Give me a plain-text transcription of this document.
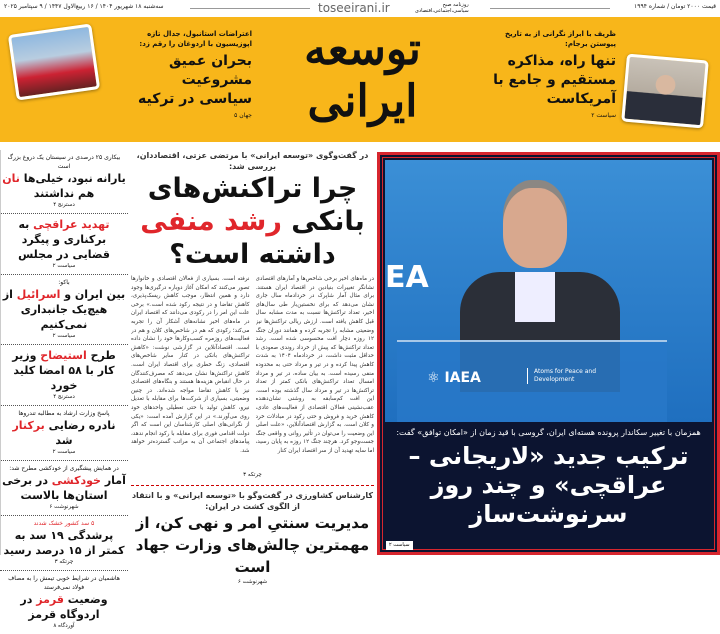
سه‌شنبه ۱۸ شهریور ۱۴۰۴ / ۱۶ ربیع‌الاول ۱۴۴۷ / ۹ سپتامبر ۲۰۲۵	قیمت ۲۰۰۰ تومان / شماره ۱۹۹۴
toseeirani.ir	روزنامه صبح
سیاسی،اجتماعی،اقتصادی
اعتراضات استانبول، جدال تازه اپوزیسیون با اردوغان را رقم زد:
بحران عمیق مشروعیت سیاسی در ترکیه
جهان ۵
ظریف با ابراز نگرانی از به تاریخ پیوستن برجام:
تنها راه، مذاکره مستقیم و جامع با آمریکاست
سیاست ۲
توسعه ایرانی
بیکاری ۲۵ درصدی در سیستان یک دروغ بزرگ است
یارانه نبود، خیلی‌ها نان هم نداشتند
دسترنج ۴
تهدید عراقچی به برکناری و پیگرد قضایی در مجلس
سیاست ۲
باکو:
بین ایران و اسرائیل از هیچ‌یک جانبداری نمی‌کنیم
سیاست ۲
طرح استیضاح وزیر کار با ۵۸ امضا کلید خورد
دسترنج ۴
پاسخ وزارت ارشاد به مطالبه تندروها
نادره رضایی برکنار شد
سیاست ۲
در همایش پیشگیری از خودکشی مطرح شد:
آمار خودکشی در برخی استان‌ها بالاست
شهرنوشت ۶
۵ سد کشور خشک شدند
پرشدگی ۱۹ سد به کمتر از ۱۵ درصد رسید
چرتکه ۳
هاشمیان در شرایط خوبی تیمش را به مصاف فولاد نمی‌فرستد
وضعیت قرمز در اردوگاه قرمز
آوردگاه ۸
در گفت‌وگوی «توسعه ایرانی» با مرتضی عزتی، اقتصاددان، بررسی شد:
چرا تراکنش‌های بانکی رشد منفی داشته است؟

در ماه‌های اخیر برخی شاخص‌ها و آمارهای اقتصادی نشانگر تغییرات بنیادین در اقتصاد ایران هستند. برای مثال آمار شاپرک در خردادماه سال جاری نشان می‌دهد که برای نخستین‌بار طی سال‌های اخیر، تعداد تراکنش‌ها نسبت به مدت مشابه سال قبل کاهش یافته است. ارزش ریالی تراکنش‌ها نیز وضعیتی مشابه را تجربه کرده و همانند دوران جنگ ۱۲ روزه دچار افت محسوسی شده است. رشد تعداد تراکنش‌ها که پیش از خرداد روندی صعودی با حداقل مثبت داشت، در خردادماه ۱۴۰۴ به شدت کاهش پیدا کرده و در تیر و مرداد حتی به محدوده منفی رسیده است. به بیان ساده، در تیر و مرداد امسال تعداد تراکنش‌های بانکی کمتر از تعداد تراکنش‌ها در تیر و مرداد سال گذشته بوده است. این افت کم‌سابقه به روشنی نشان‌دهنده عقب‌نشینی فعالان اقتصادی از فعالیت‌های عادی، کاهش خرید و فروش و حتی رکود در مبادلات خرد و کلان است. به گزارش اقتصادآنلاین، «علت اصلی این وضعیت را می‌توان در تأثیر روانی و واقعی جنگ جست‌وجو کرد. هرچند جنگ ۱۲ روزه به پایان رسید، اما سایه تهدید آن از سر اقتصاد ایران کنار

نرفته است. بسیاری از فعالان اقتصادی و خانوارها تصور می‌کنند که امکان آغاز دوباره درگیری‌ها وجود دارد و همین انتظار، موجب کاهش ریسک‌پذیری، کاهش تقاضا و در نتیجه رکود شده است.» برخی علت این امر را در رکودی می‌دانند که اقتصاد ایران در ماه‌های اخیر نشانه‌های آشکار آن را تجربه می‌کند؛ رکودی که هم در شاخص‌های کلان و هم در فعالیت‌های روزمره کسب‌وکارها خود را نشان داده است. اقتصادآنلاین در گزارشی نوشت: «کاهش تراکنش‌های بانکی در کنار سایر شاخص‌های اقتصادی، زنگ خطری برای اقتصاد ایران است. کاهش تراکنش‌ها نشان می‌دهد که مصرف‌کنندگان در حال انقباض هزینه‌ها هستند و بنگاه‌های اقتصادی نیز با کاهش تقاضا مواجه شده‌اند. در چنین وضعیتی، بسیاری از شرکت‌ها برای مقابله با تعدیل نیرو، کاهش تولید یا حتی تعطیلی واحدهای خود روی می‌آورند.» در این گزارش آمده است: «یکی از نگرانی‌های اصلی کارشناسان این است که اگر دولت اقدامی فوری برای مقابله با رکود انجام ندهد، پیامدهای اجتماعی آن به مراتب گسترده‌تر خواهد شد.

چرتکه ۳
کارشناس کشاورزی در گفت‌وگو با «توسعه ایرانی» و با انتقاد از الگوی کشت در ایران:
مدیریت سنتیِ امر و نهی کن، از مهمترین چالش‌های وزارت جهاد است
شهرنوشت ۶
EA
⚛ IAEA	Atoms for Peace and Development
همزمان با تغییر سکاندار پرونده هسته‌ای ایران، گروسی با قید زمان از «امکان توافق» گفت:
ترکیب جدید «لاریجانی – عراقچی» و چند روز سرنوشت‌ساز
سیاست ۲
